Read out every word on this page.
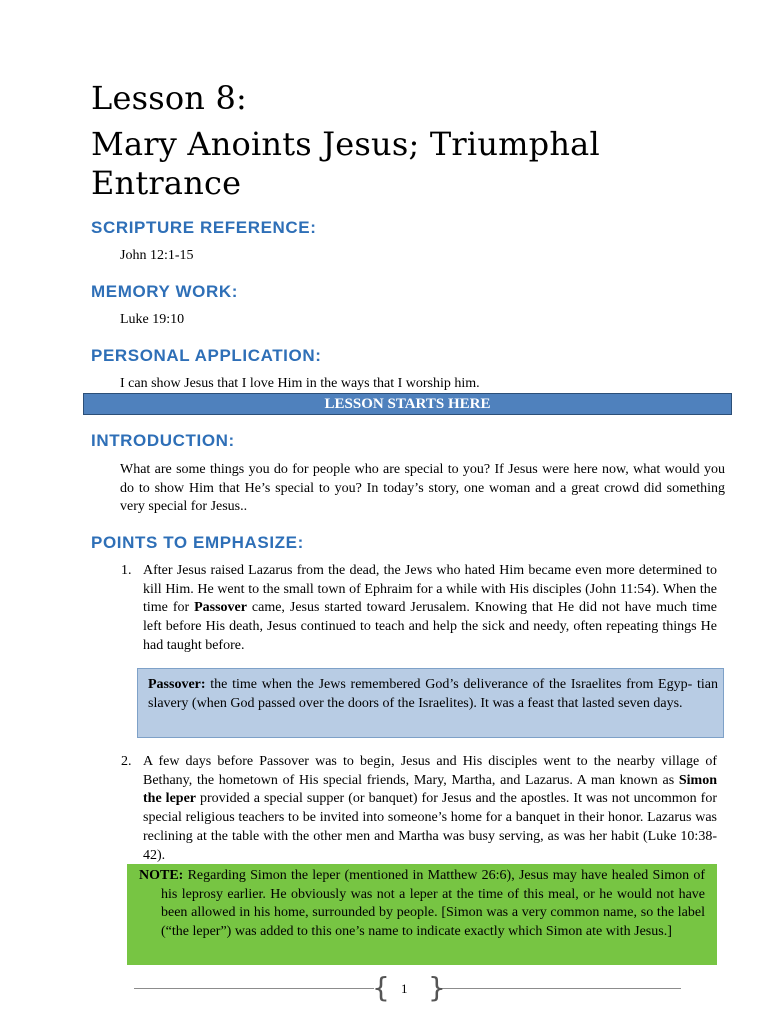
Lesson 8:
Mary Anoints Jesus; Triumphal
Entrance
SCRIPTURE REFERENCE:

John 12:1-15

MEMORY WORK:

Luke 19:10

PERSONAL APPLICATION:

I can show Jesus that I love Him in the ways that I worship him.

LESSON STARTS HERE
INTRODUCTION:

What are some things you do for people who are special to you? If Jesus were here now, what would you do to show Him that He’s special to you? In today’s story, one woman and a great crowd did something very special for Jesus..

POINTS TO EMPHASIZE:
1. After Jesus raised Lazarus from the dead, the Jews who hated Him became even more determined to kill Him. He went to the small town of Ephraim for a while with His disciples (John 11:54). When the time for Passover came, Jesus started toward Jerusalem. Knowing that He did not have much time left before His death, Jesus continued to teach and help the sick and needy, often repeating things He had taught before.

Passover: the time when the Jews remembered God’s deliverance of the Israelites from Egyp- tian slavery (when God passed over the doors of the Israelites). It was a feast that lasted seven days.

2. A few days before Passover was to begin, Jesus and His disciples went to the nearby village of Bethany, the hometown of His special friends, Mary, Martha, and Lazarus. A man known as Simon the leper provided a special supper (or banquet) for Jesus and the apostles. It was not uncommon for special religious teachers to be invited into someone’s home for a banquet in their honor. Lazarus was reclining at the table with the other men and Martha was busy serving, as was her habit (Luke 10:38-42).

NOTE: Regarding Simon the leper (mentioned in Matthew 26:6), Jesus may have healed Simon of his leprosy earlier. He obviously was not a leper at the time of this meal, or he would not have been allowed in his home, surrounded by people. [Simon was a very common name, so the label (“the leper”) was added to this one’s name to indicate exactly which Simon ate with Jesus.]

{ 1 }
